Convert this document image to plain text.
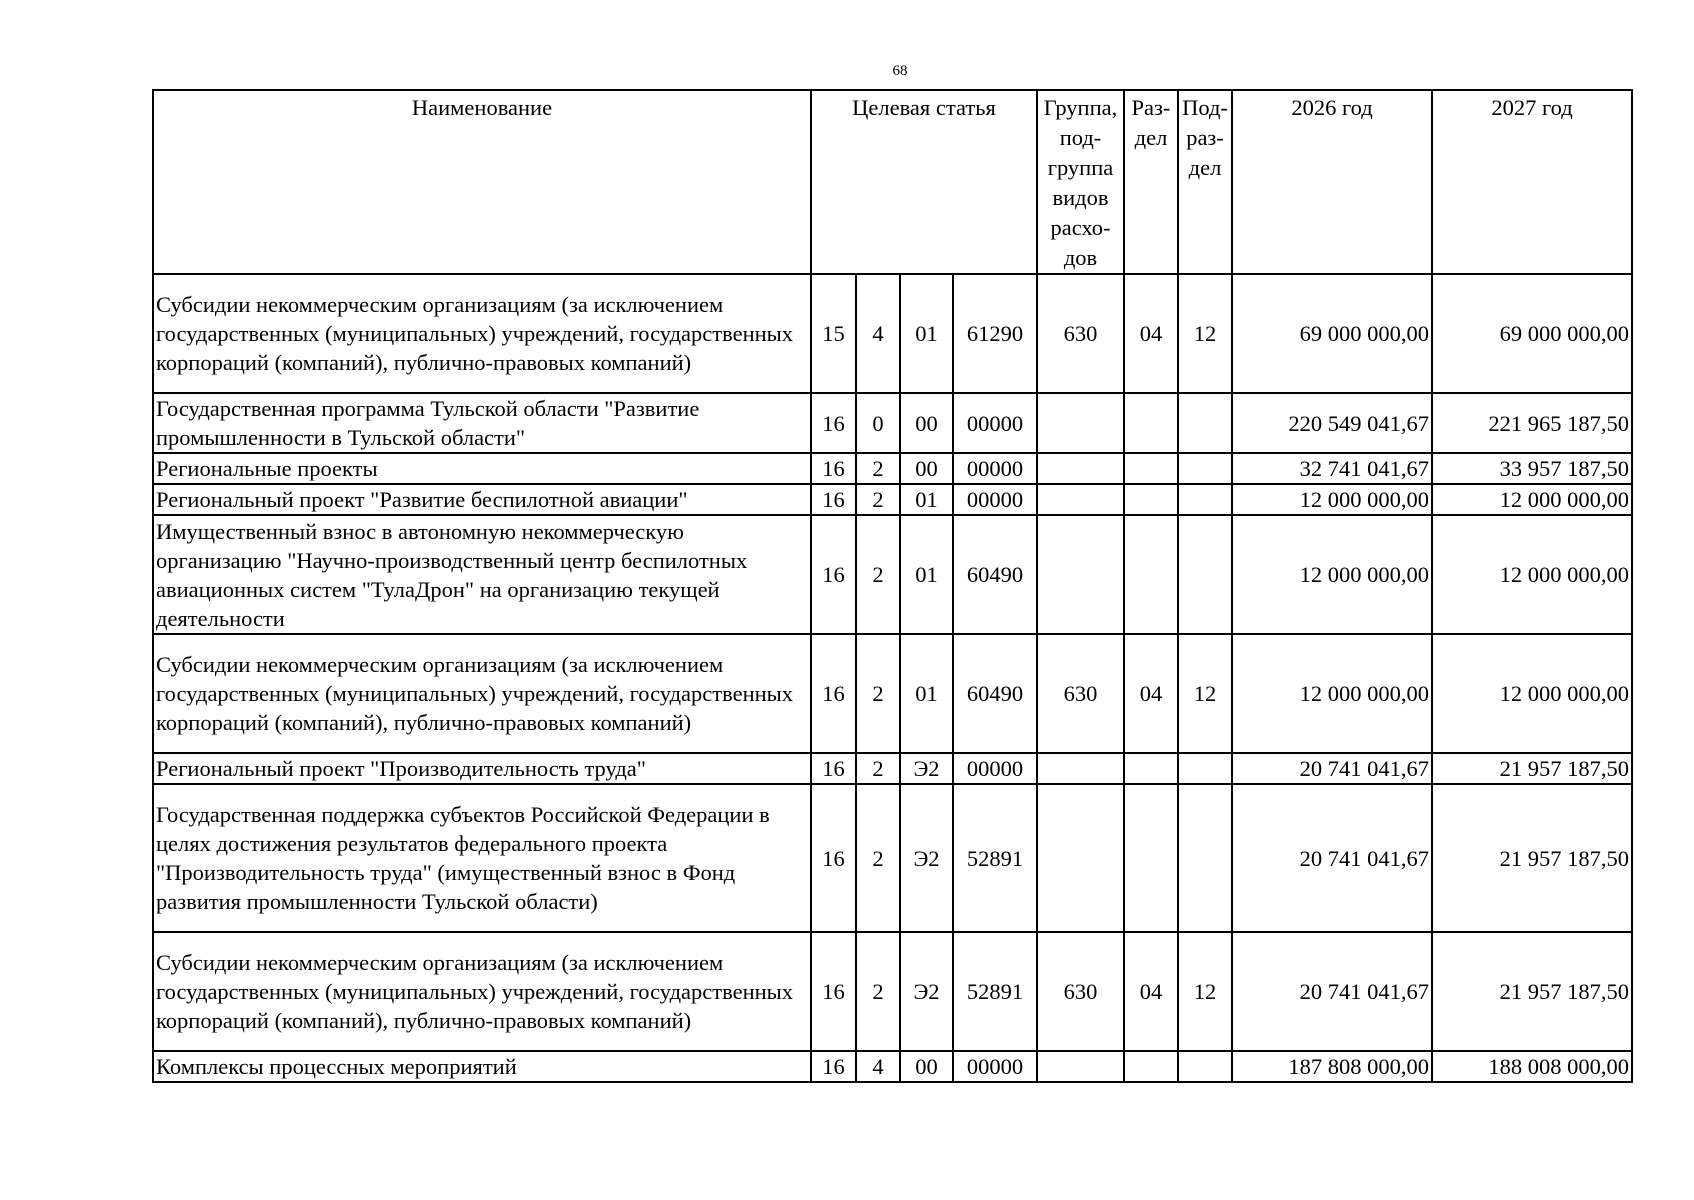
68
Наименование	Целевая статья				Группа, под-группа видов расхо-дов	Раз-дел	Под-раз-дел	2026 год	2027 год
Субсидии некоммерческим организациям (за исключением государственных (муниципальных) учреждений, государственных корпораций (компаний), публично-правовых компаний)	15	4	01	61290	630	04	12	69 000 000,00	69 000 000,00
Государственная программа Тульской области "Развитие промышленности в Тульской области"	16	0	00	00000				220 549 041,67	221 965 187,50
Региональные проекты	16	2	00	00000				32 741 041,67	33 957 187,50
Региональный проект "Развитие беспилотной авиации"	16	2	01	00000				12 000 000,00	12 000 000,00
Имущественный взнос в автономную некоммерческую организацию "Научно-производственный центр беспилотных авиационных систем "ТулаДрон" на организацию текущей деятельности	16	2	01	60490				12 000 000,00	12 000 000,00
Субсидии некоммерческим организациям (за исключением государственных (муниципальных) учреждений, государственных корпораций (компаний), публично-правовых компаний)	16	2	01	60490	630	04	12	12 000 000,00	12 000 000,00
Региональный проект "Производительность труда"	16	2	Э2	00000				20 741 041,67	21 957 187,50
Государственная поддержка субъектов Российской Федерации в целях достижения результатов федерального проекта "Производительность труда" (имущественный взнос в Фонд развития промышленности Тульской области)	16	2	Э2	52891				20 741 041,67	21 957 187,50
Субсидии некоммерческим организациям (за исключением государственных (муниципальных) учреждений, государственных корпораций (компаний), публично-правовых компаний)	16	2	Э2	52891	630	04	12	20 741 041,67	21 957 187,50
Комплексы процессных мероприятий	16	4	00	00000				187 808 000,00	188 008 000,00
